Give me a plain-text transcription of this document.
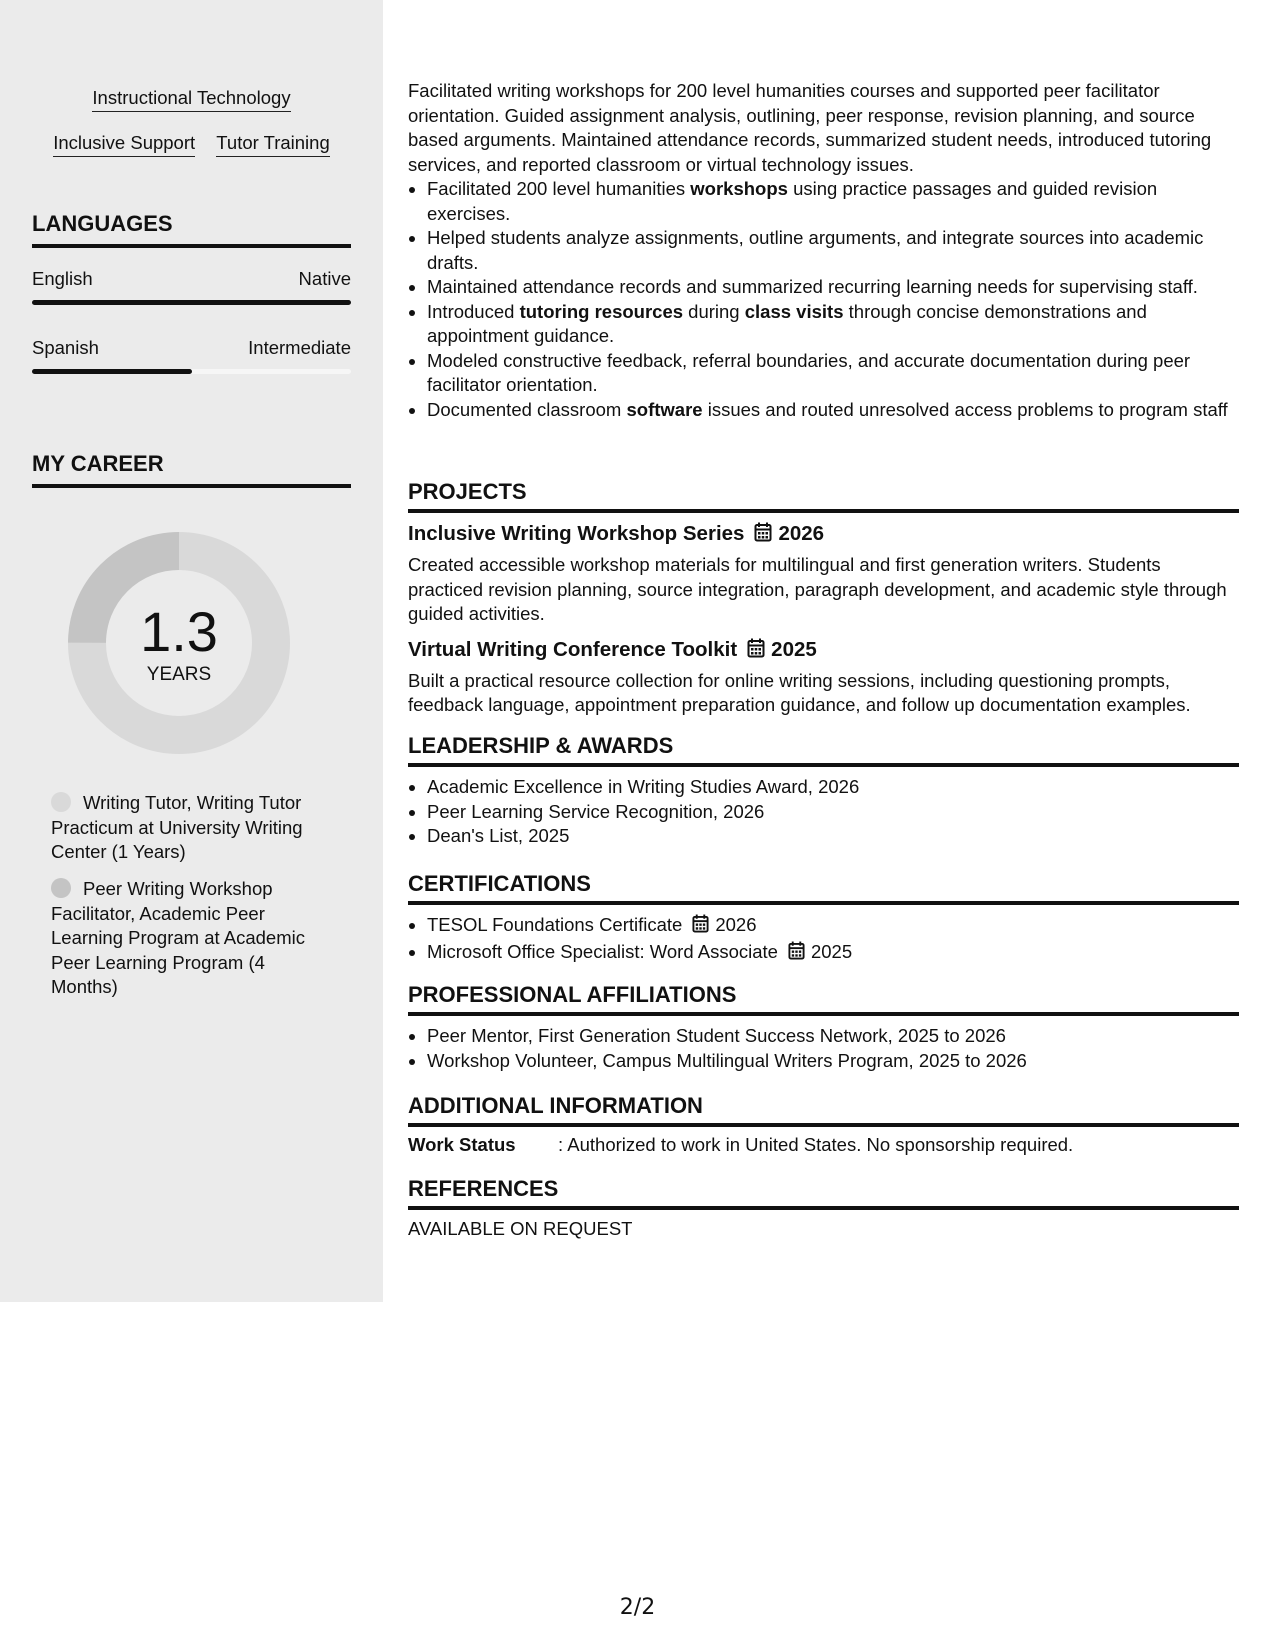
Instructional Technology
Inclusive Support Tutor Training
LANGUAGES
English	Native
Spanish	Intermediate
MY CAREER
1.3
YEARS
Writing Tutor, Writing Tutor Practicum at University Writing Center (1 Years)
Peer Writing Workshop Facilitator, Academic Peer Learning Program at Academic Peer Learning Program (4 Months)

Facilitated writing workshops for 200 level humanities courses and supported peer facilitator orientation. Guided assignment analysis, outlining, peer response, revision planning, and source based arguments. Maintained attendance records, summarized student needs, introduced tutoring services, and reported classroom or virtual technology issues.

• Facilitated 200 level humanities workshops using practice passages and guided revision exercises.
• Helped students analyze assignments, outline arguments, and integrate sources into academic drafts.
• Maintained attendance records and summarized recurring learning needs for supervising staff.
• Introduced tutoring resources during class visits through concise demonstrations and appointment guidance.
• Modeled constructive feedback, referral boundaries, and accurate documentation during peer facilitator orientation.
• Documented classroom software issues and routed unresolved access problems to program staff
PROJECTS
Inclusive Writing Workshop Series 2026

Created accessible workshop materials for multilingual and first generation writers. Students practiced revision planning, source integration, paragraph development, and academic style through guided activities.

Virtual Writing Conference Toolkit 2025

Built a practical resource collection for online writing sessions, including questioning prompts, feedback language, appointment preparation guidance, and follow up documentation examples.

LEADERSHIP & AWARDS
• Academic Excellence in Writing Studies Award, 2026
• Peer Learning Service Recognition, 2026
• Dean's List, 2025
CERTIFICATIONS
• TESOL Foundations Certificate 2026
• Microsoft Office Specialist: Word Associate 2025
PROFESSIONAL AFFILIATIONS
• Peer Mentor, First Generation Student Success Network, 2025 to 2026
• Workshop Volunteer, Campus Multilingual Writers Program, 2025 to 2026
ADDITIONAL INFORMATION
Work Status	: Authorized to work in United States. No sponsorship required.
REFERENCES

AVAILABLE ON REQUEST

2/2
